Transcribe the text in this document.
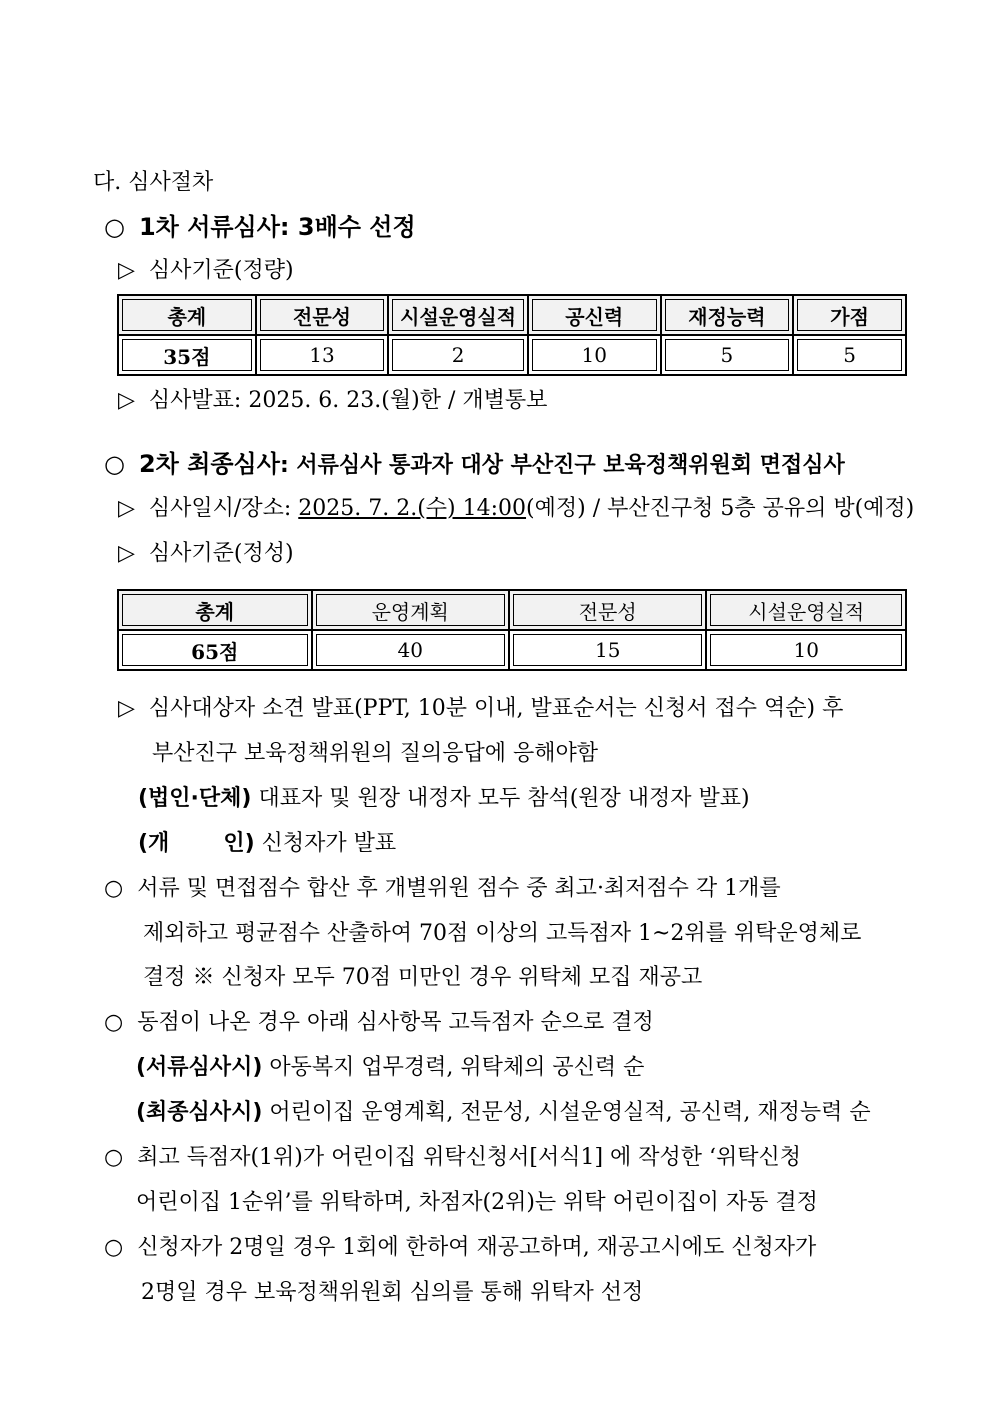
다. 심사절차
○ 1차 서류심사: 3배수 선정
▷ 심사기준(정량)
총계	전문성	시설운영실적	공신력	재정능력	가점
35점	13	2	10	5	5
▷ 심사발표: 2025. 6. 23.(월)한 / 개별통보
○ 2차 최종심사: 서류심사 통과자 대상 부산진구 보육정책위원회 면접심사
▷ 심사일시/장소: 2025. 7. 2.(수) 14:00(예정) / 부산진구청 5층 공유의 방(예정)
▷ 심사기준(정성)
총계	운영계획	전문성	시설운영실적
65점	40	15	10
▷ 심사대상자 소견 발표(PPT, 10분 이내, 발표순서는 신청서 접수 역순) 후
부산진구 보육정책위원의 질의응답에 응해야함
(법인·단체) 대표자 및 원장 내정자 모두 참석(원장 내정자 발표)
(개 인) 신청자가 발표
○ 서류 및 면접점수 합산 후 개별위원 점수 중 최고·최저점수 각 1개를
제외하고 평균점수 산출하여 70점 이상의 고득점자 1~2위를 위탁운영체로
결정 ※ 신청자 모두 70점 미만인 경우 위탁체 모집 재공고
○ 동점이 나온 경우 아래 심사항목 고득점자 순으로 결정
(서류심사시) 아동복지 업무경력, 위탁체의 공신력 순
(최종심사시) 어린이집 운영계획, 전문성, 시설운영실적, 공신력, 재정능력 순
○ 최고 득점자(1위)가 어린이집 위탁신청서[서식1] 에 작성한 ‘위탁신청
어린이집 1순위’를 위탁하며, 차점자(2위)는 위탁 어린이집이 자동 결정
○ 신청자가 2명일 경우 1회에 한하여 재공고하며, 재공고시에도 신청자가
2명일 경우 보육정책위원회 심의를 통해 위탁자 선정
